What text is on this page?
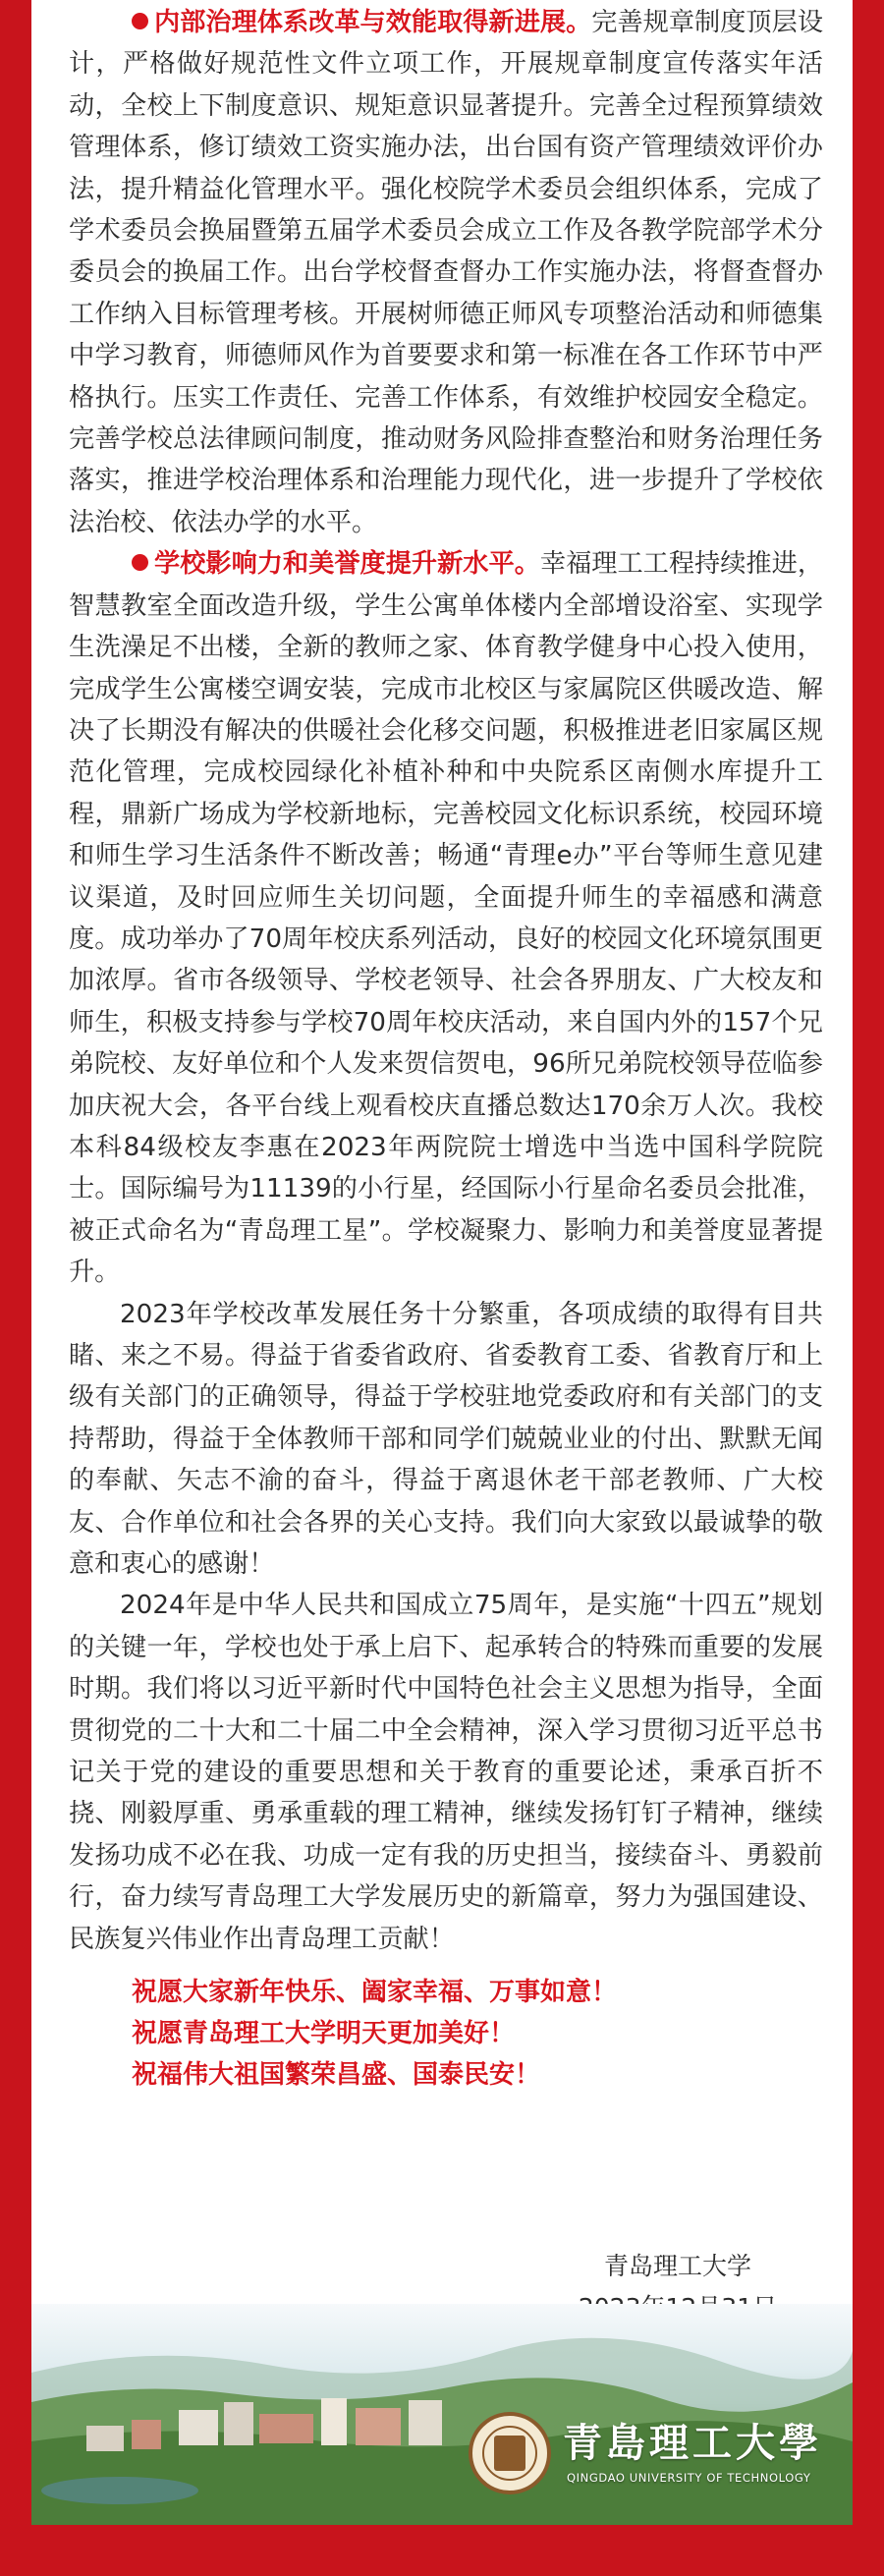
内部治理体系改革与效能取得新进展。完善规章制度顶层设计，严格做好规范性文件立项工作，开展规章制度宣传落实年活动，全校上下制度意识、规矩意识显著提升。完善全过程预算绩效管理体系，修订绩效工资实施办法，出台国有资产管理绩效评价办法，提升精益化管理水平。强化校院学术委员会组织体系，完成了学术委员会换届暨第五届学术委员会成立工作及各教学院部学术分委员会的换届工作。出台学校督查督办工作实施办法，将督查督办工作纳入目标管理考核。开展树师德正师风专项整治活动和师德集中学习教育，师德师风作为首要要求和第一标准在各工作环节中严格执行。压实工作责任、完善工作体系，有效维护校园安全稳定。完善学校总法律顾问制度，推动财务风险排查整治和财务治理任务落实，推进学校治理体系和治理能力现代化，进一步提升了学校依法治校、依法办学的水平。

学校影响力和美誉度提升新水平。幸福理工工程持续推进，智慧教室全面改造升级，学生公寓单体楼内全部增设浴室、实现学生洗澡足不出楼，全新的教师之家、体育教学健身中心投入使用，完成学生公寓楼空调安装，完成市北校区与家属院区供暖改造、解决了长期没有解决的供暖社会化移交问题，积极推进老旧家属区规范化管理，完成校园绿化补植补种和中央院系区南侧水库提升工程，鼎新广场成为学校新地标，完善校园文化标识系统，校园环境和师生学习生活条件不断改善；畅通“青理e办”平台等师生意见建议渠道，及时回应师生关切问题，全面提升师生的幸福感和满意度。成功举办了70周年校庆系列活动，良好的校园文化环境氛围更加浓厚。省市各级领导、学校老领导、社会各界朋友、广大校友和师生，积极支持参与学校70周年校庆活动，来自国内外的157个兄弟院校、友好单位和个人发来贺信贺电，96所兄弟院校领导莅临参加庆祝大会，各平台线上观看校庆直播总数达170余万人次。我校本科84级校友李惠在2023年两院院士增选中当选中国科学院院士。国际编号为11139的小行星，经国际小行星命名委员会批准，被正式命名为“青岛理工星”。学校凝聚力、影响力和美誉度显著提升。

2023年学校改革发展任务十分繁重，各项成绩的取得有目共睹、来之不易。得益于省委省政府、省委教育工委、省教育厅和上级有关部门的正确领导，得益于学校驻地党委政府和有关部门的支持帮助，得益于全体教师干部和同学们兢兢业业的付出、默默无闻的奉献、矢志不渝的奋斗，得益于离退休老干部老教师、广大校友、合作单位和社会各界的关心支持。我们向大家致以最诚挚的敬意和衷心的感谢！

2024年是中华人民共和国成立75周年，是实施“十四五”规划的关键一年，学校也处于承上启下、起承转合的特殊而重要的发展时期。我们将以习近平新时代中国特色社会主义思想为指导，全面贯彻党的二十大和二十届二中全会精神，深入学习贯彻习近平总书记关于党的建设的重要思想和关于教育的重要论述，秉承百折不挠、刚毅厚重、勇承重载的理工精神，继续发扬钉钉子精神，继续发扬功成不必在我、功成一定有我的历史担当，接续奋斗、勇毅前行，奋力续写青岛理工大学发展历史的新篇章，努力为强国建设、民族复兴伟业作出青岛理工贡献！

祝愿大家新年快乐、阖家幸福、万事如意！
祝愿青岛理工大学明天更加美好！
祝福伟大祖国繁荣昌盛、国泰民安！
青岛理工大学
青島理工大學
QINGDAO UNIVERSITY OF TECHNOLOGY
